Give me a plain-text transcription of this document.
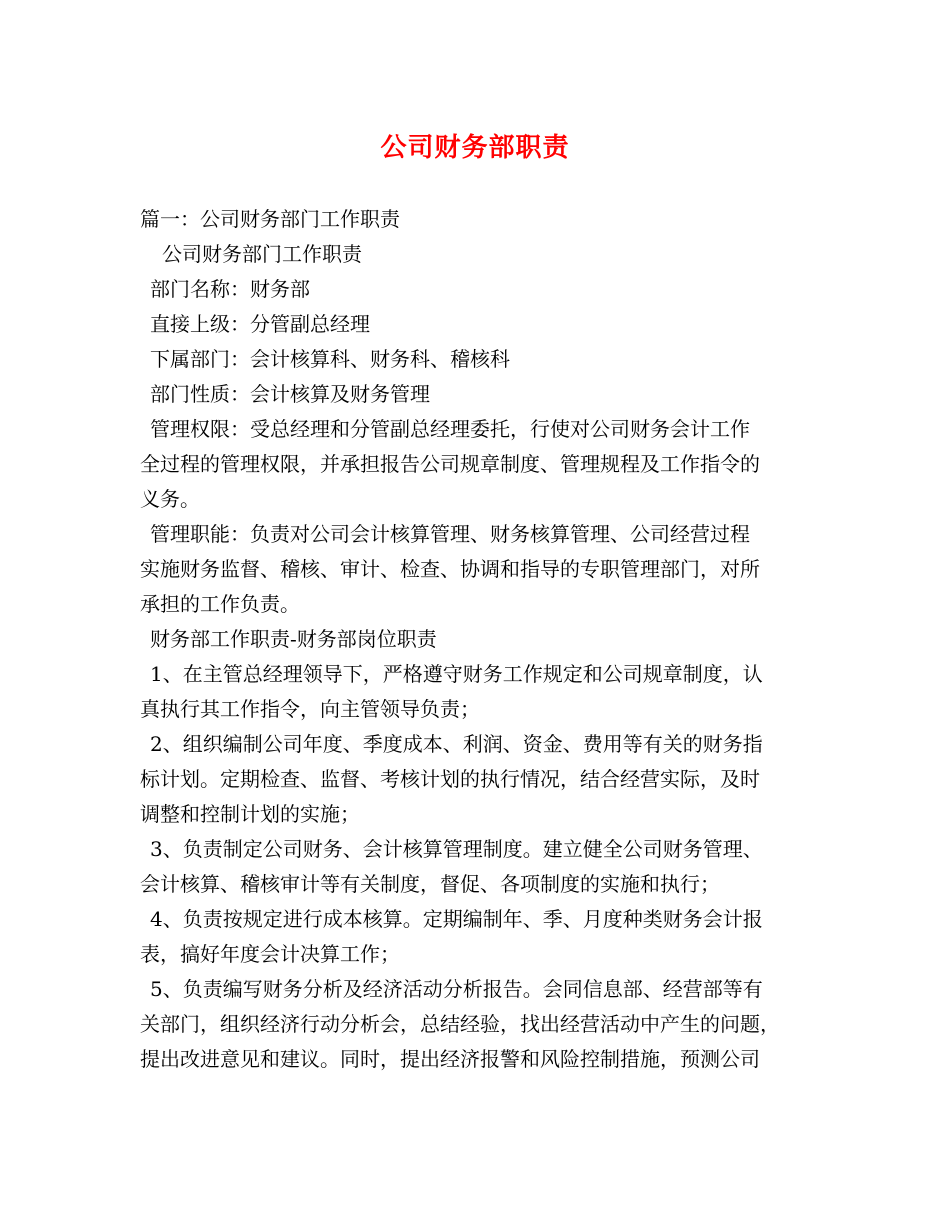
公司财务部职责
篇一：公司财务部门工作职责
公司财务部门工作职责
部门名称：财务部
直接上级：分管副总经理
下属部门：会计核算科、财务科、稽核科
部门性质：会计核算及财务管理
管理权限：受总经理和分管副总经理委托，行使对公司财务会计工作
全过程的管理权限，并承担报告公司规章制度、管理规程及工作指令的
义务。
管理职能：负责对公司会计核算管理、财务核算管理、公司经营过程
实施财务监督、稽核、审计、检查、协调和指导的专职管理部门，对所
承担的工作负责。
财务部工作职责-财务部岗位职责
1、在主管总经理领导下，严格遵守财务工作规定和公司规章制度，认
真执行其工作指令，向主管领导负责；
2、组织编制公司年度、季度成本、利润、资金、费用等有关的财务指
标计划。定期检查、监督、考核计划的执行情况，结合经营实际，及时
调整和控制计划的实施；
3、负责制定公司财务、会计核算管理制度。建立健全公司财务管理、
会计核算、稽核审计等有关制度，督促、各项制度的实施和执行；
4、负责按规定进行成本核算。定期编制年、季、月度种类财务会计报
表，搞好年度会计决算工作；
5、负责编写财务分析及经济活动分析报告。会同信息部、经营部等有
关部门，组织经济行动分析会，总结经验，找出经营活动中产生的问题，
提出改进意见和建议。同时，提出经济报警和风险控制措施，预测公司
